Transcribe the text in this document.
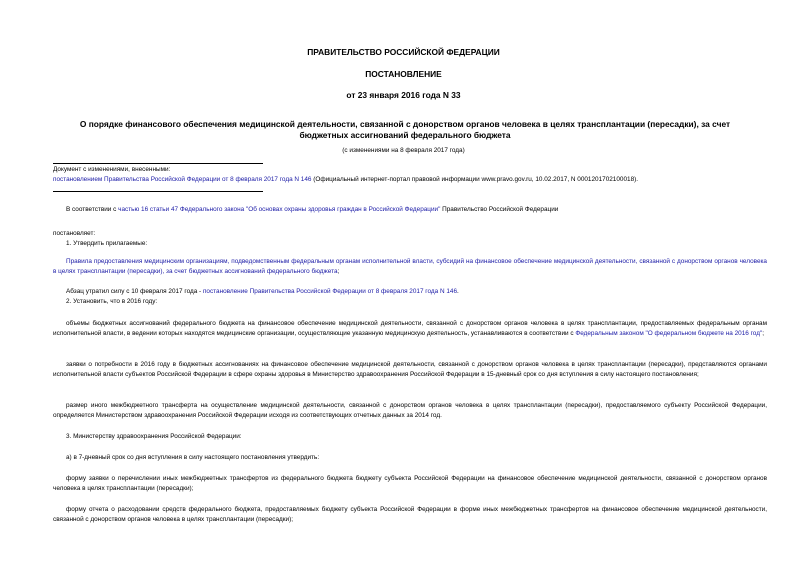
ПРАВИТЕЛЬСТВО РОССИЙСКОЙ ФЕДЕРАЦИИ
ПОСТАНОВЛЕНИЕ
от 23 января 2016 года N 33
О порядке финансового обеспечения медицинской деятельности, связанной с донорством органов человека в целях трансплантации (пересадки), за счет бюджетных ассигнований федерального бюджета
(с изменениями на 8 февраля 2017 года)
Документ с изменениями, внесенными:
постановлением Правительства Российской Федерации от 8 февраля 2017 года N 146 (Официальный интернет-портал правовой информации www.pravo.gov.ru, 10.02.2017, N 0001201702100018).
В соответствии с частью 16 статьи 47 Федерального закона "Об основах охраны здоровья граждан в Российской Федерации" Правительство Российской Федерации
постановляет:
1. Утвердить прилагаемые:
Правила предоставления медицинским организациям, подведомственным федеральным органам исполнительной власти, субсидий на финансовое обеспечение медицинской деятельности, связанной с донорством органов человека в целях трансплантации (пересадки), за счет бюджетных ассигнований федерального бюджета;
Абзац утратил силу с 10 февраля 2017 года - постановление Правительства Российской Федерации от 8 февраля 2017 года N 146.
2. Установить, что в 2016 году:
объемы бюджетных ассигнований федерального бюджета на финансовое обеспечение медицинской деятельности, связанной с донорством органов человека в целях трансплантации, предоставляемых федеральным органам исполнительной власти, в ведении которых находятся медицинские организации, осуществляющие указанную медицинскую деятельность, устанавливаются в соответствии с Федеральным законом "О федеральном бюджете на 2016 год";
заявки о потребности в 2016 году в бюджетных ассигнованиях на финансовое обеспечение медицинской деятельности, связанной с донорством органов человека в целях трансплантации (пересадки), представляются органами исполнительной власти субъектов Российской Федерации в сфере охраны здоровья в Министерство здравоохранения Российской Федерации в 15-дневный срок со дня вступления в силу настоящего постановления;
размер иного межбюджетного трансферта на осуществление медицинской деятельности, связанной с донорством органов человека в целях трансплантации (пересадки), предоставляемого субъекту Российской Федерации, определяется Министерством здравоохранения Российской Федерации исходя из соответствующих отчетных данных за 2014 год.
3. Министерству здравоохранения Российской Федерации:
а) в 7-дневный срок со дня вступления в силу настоящего постановления утвердить:
форму заявки о перечислении иных межбюджетных трансфертов из федерального бюджета бюджету субъекта Российской Федерации на финансовое обеспечение медицинской деятельности, связанной с донорством органов человека в целях трансплантации (пересадки);
форму отчета о расходовании средств федерального бюджета, предоставляемых бюджету субъекта Российской Федерации в форме иных межбюджетных трансфертов на финансовое обеспечение медицинской деятельности, связанной с донорством органов человека в целях трансплантации (пересадки);
